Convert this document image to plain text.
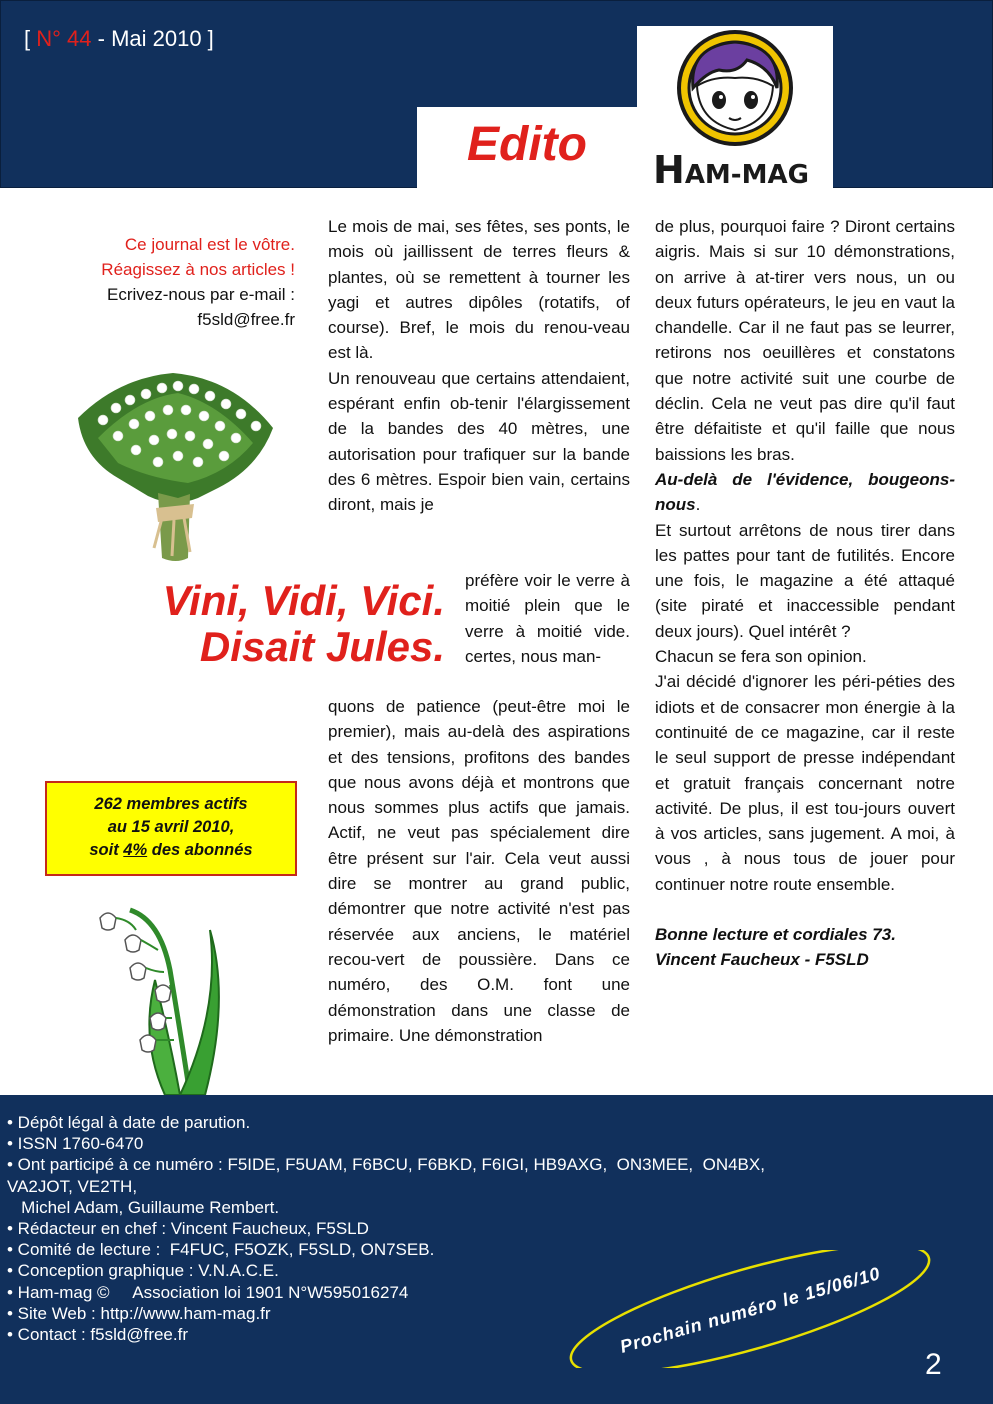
[ N° 44 - Mai 2010 ]
Edito	HAM-MAG
Ce journal est le vôtre.
Réagissez à nos articles !
Ecrivez-nous par e-mail :
f5sld@free.fr
Vini, Vidi, Vici.
Disait Jules.
262 membres actifs
au 15 avril 2010,
soit 4% des abonnés

Le mois de mai, ses fêtes, ses ponts, le mois où jaillissent de terres fleurs & plantes, où se remettent à tourner les yagi et autres dipôles (rotatifs, of course). Bref, le mois du renou-veau est là.

Un renouveau que certains attendaient, espérant enfin ob-tenir l'élargissement de la bandes des 40 mètres, une autorisation pour trafiquer sur la bande des 6 mètres. Espoir bien vain, certains diront, mais je

préfère voir le verre à moitié plein que le verre à moitié vide. certes, nous man-

quons de patience (peut-être moi le premier), mais au-delà des aspirations et des tensions, profitons des bandes que nous avons déjà et montrons que nous sommes plus actifs que jamais. Actif, ne veut pas spécialement dire être présent sur l'air. Cela veut aussi dire se montrer au grand public, démontrer que notre activité n'est pas réservée aux anciens, le matériel recou-vert de poussière. Dans ce numéro, des O.M. font une démonstration dans une classe de primaire. Une démonstration

de plus, pourquoi faire ? Diront certains aigris. Mais si sur 10 démonstrations, on arrive à at-tirer vers nous, un ou deux futurs opérateurs, le jeu en vaut la chandelle. Car il ne faut pas se leurrer, retirons nos oeuillères et constatons que notre activité suit une courbe de déclin. Cela ne veut pas dire qu'il faut être défaitiste et qu'il faille que nous baissions les bras.

Au-delà de l'évidence, bougeons-nous.

Et surtout arrêtons de nous tirer dans les pattes pour tant de futilités. Encore une fois, le magazine a été attaqué (site piraté et inaccessible pendant deux jours). Quel intérêt ?

Chacun se fera son opinion.

J'ai décidé d'ignorer les péri-péties des idiots et de consacrer mon énergie à la continuité de ce magazine, car il reste le seul support de presse indépendant et gratuit français concernant notre activité. De plus, il est tou-jours ouvert à vos articles, sans jugement. A moi, à vous , à nous tous de jouer pour continuer notre route ensemble.

Bonne lecture et cordiales 73.

Vincent Faucheux - F5SLD

• Dépôt légal à date de parution.
• ISSN 1760-6470
• Ont participé à ce numéro : F5IDE, F5UAM, F6BCU, F6BKD, F6IGI, HB9AXG,  ON3MEE,  ON4BX,
VA2JOT, VE2TH,
Michel Adam, Guillaume Rembert.
• Rédacteur en chef : Vincent Faucheux, F5SLD
• Comité de lecture :  F4FUC, F5OZK, F5SLD, ON7SEB.
• Conception graphique : V.N.A.C.E.
• Ham-mag ©     Association loi 1901 N°W595016274
• Site Web : http://www.ham-mag.fr
• Contact : f5sld@free.fr	Prochain numéro le 15/06/10
2
